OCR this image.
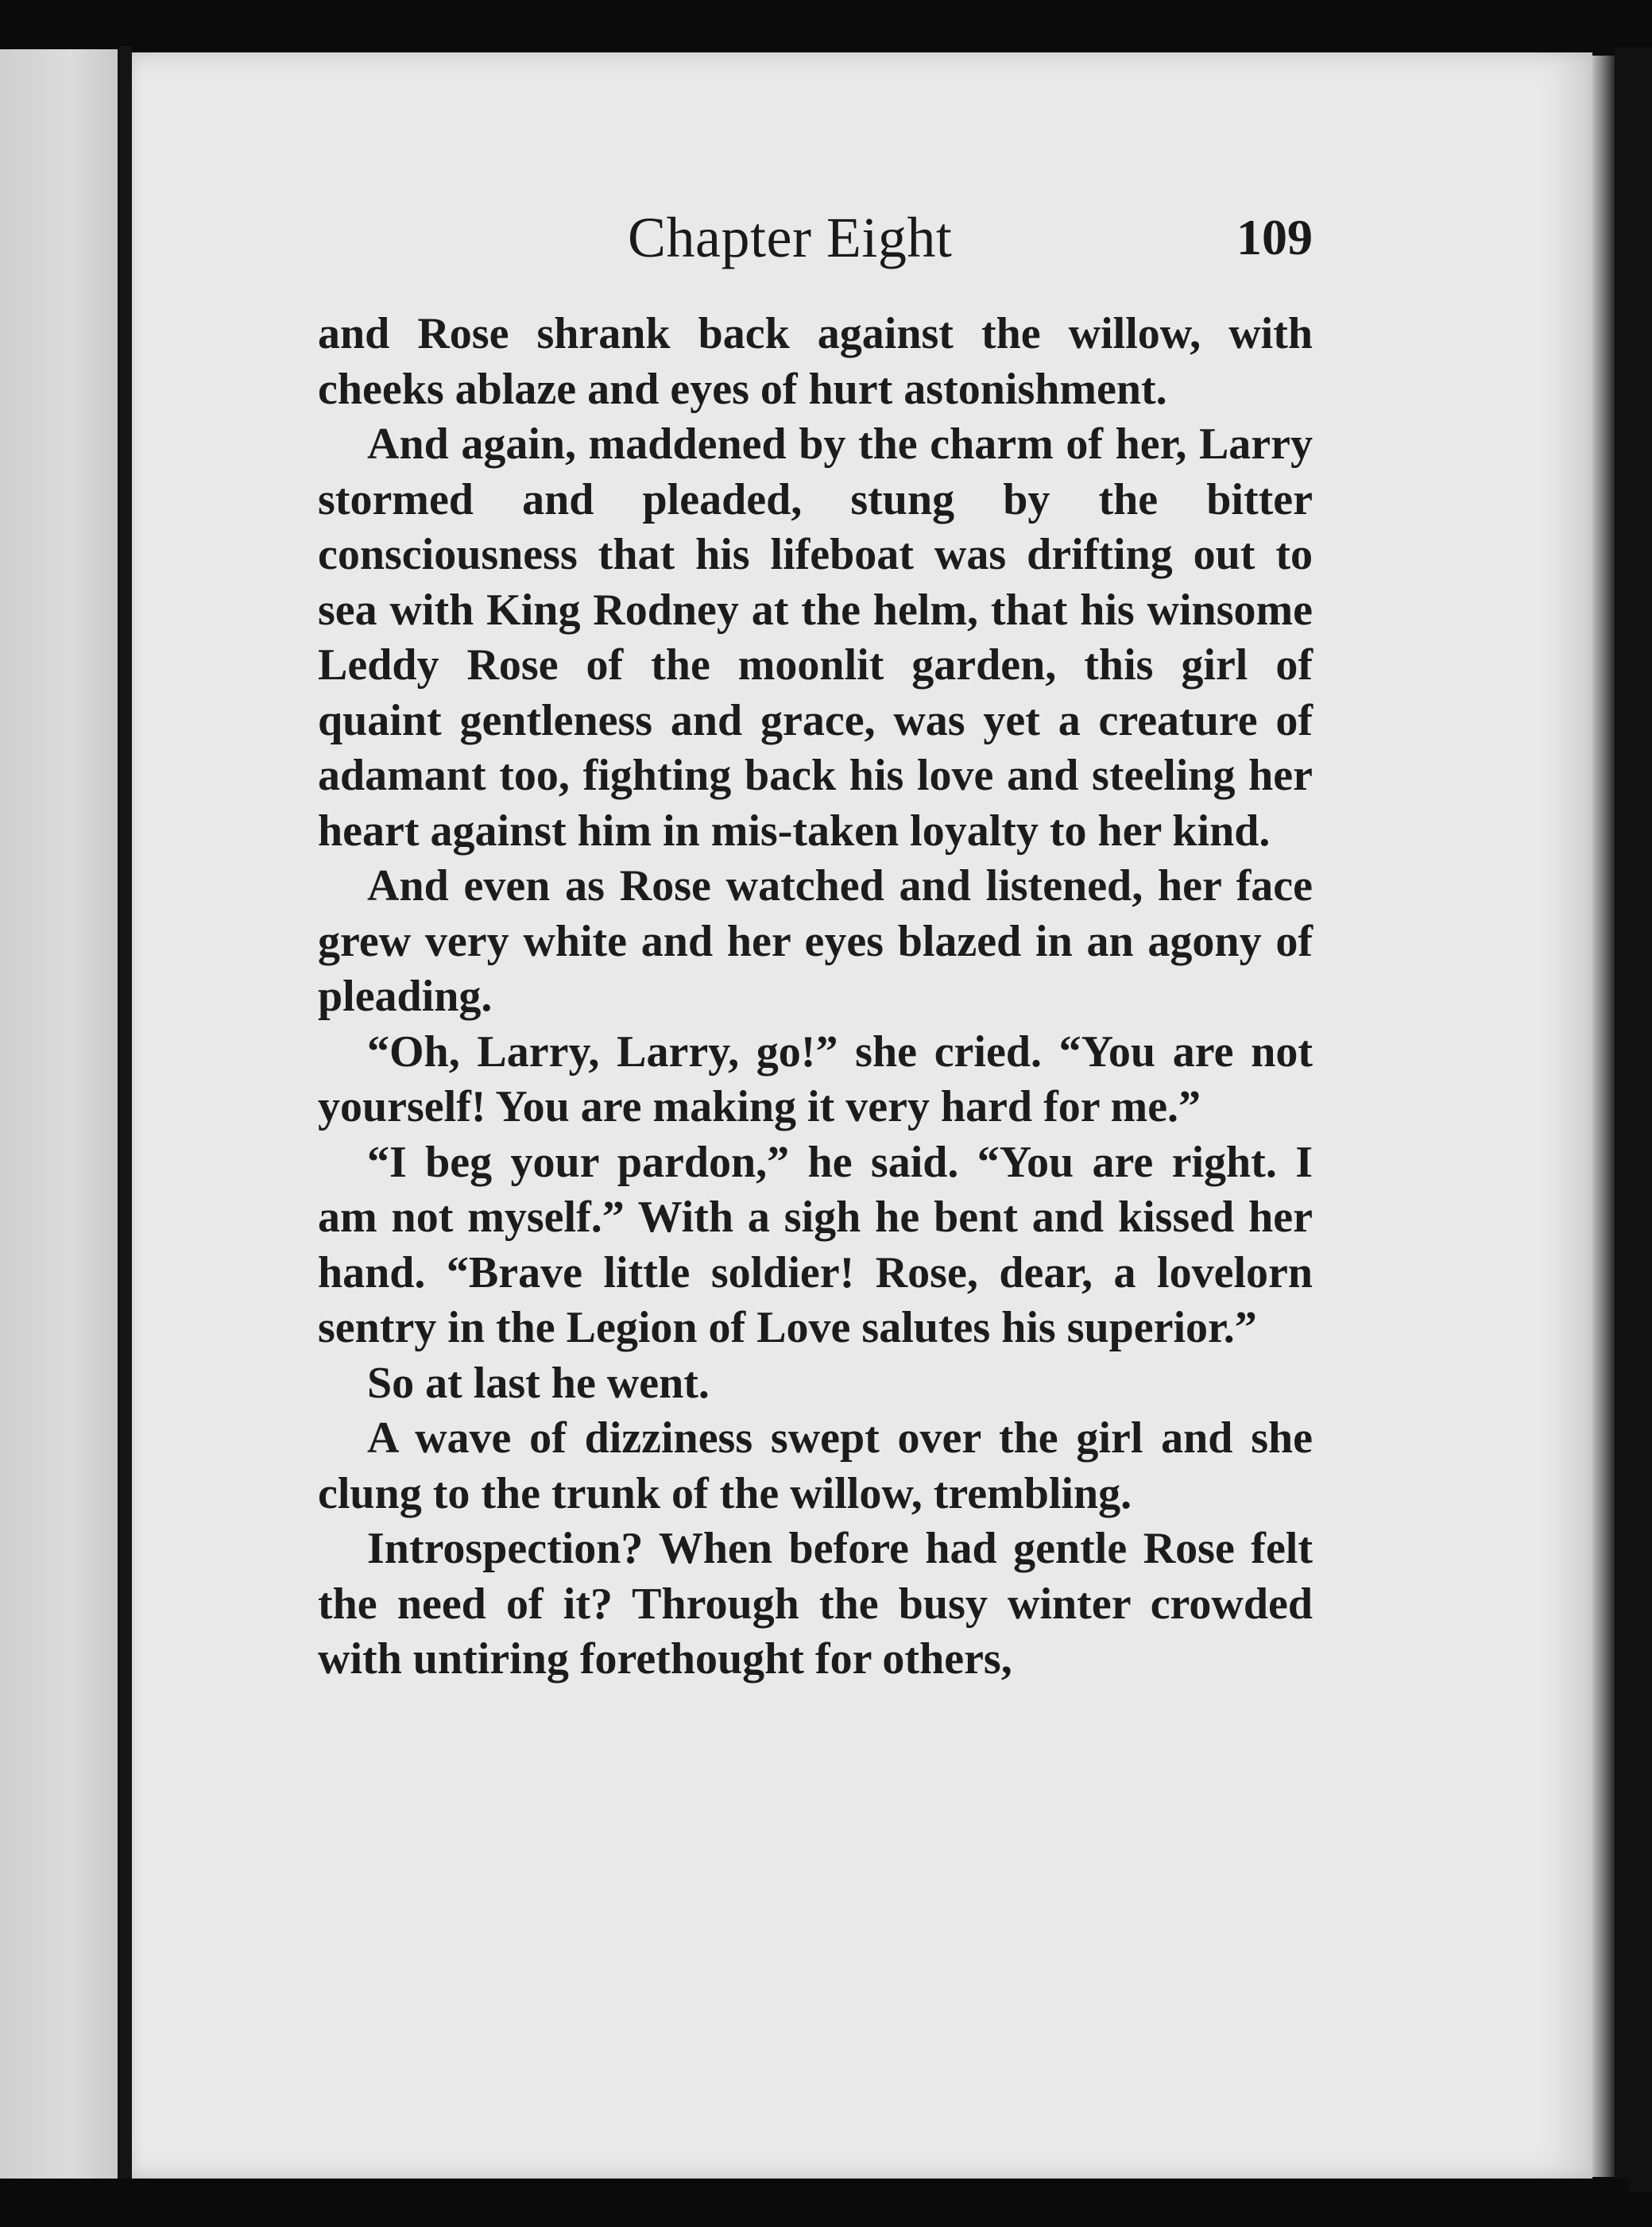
Chapter Eight	109

and Rose shrank back against the willow, with cheeks ablaze and eyes of hurt astonishment.

And again, maddened by the charm of her, Larry stormed and pleaded, stung by the bitter consciousness that his lifeboat was drifting out to sea with King Rodney at the helm, that his winsome Leddy Rose of the moonlit garden, this girl of quaint gentleness and grace, was yet a creature of adamant too, fighting back his love and steeling her heart against him in mis-taken loyalty to her kind.

And even as Rose watched and listened, her face grew very white and her eyes blazed in an agony of pleading.

“Oh, Larry, Larry, go!” she cried. “You are not yourself! You are making it very hard for me.”

“I beg your pardon,” he said. “You are right. I am not myself.” With a sigh he bent and kissed her hand. “Brave little soldier! Rose, dear, a lovelorn sentry in the Legion of Love salutes his superior.”

So at last he went.

A wave of dizziness swept over the girl and she clung to the trunk of the willow, trembling.

Introspection? When before had gentle Rose felt the need of it? Through the busy winter crowded with untiring forethought for others,
